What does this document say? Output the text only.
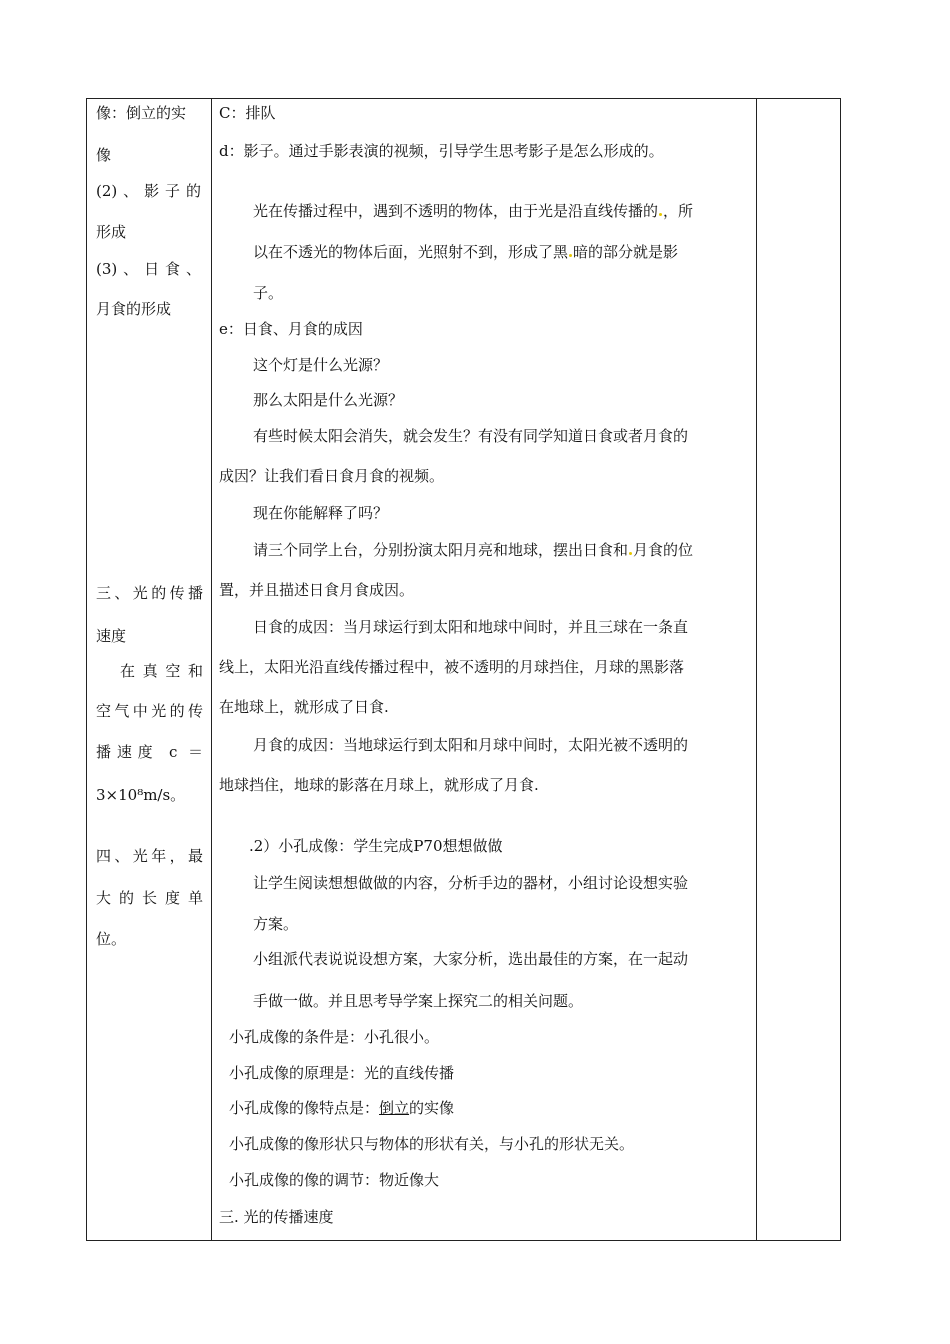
像：倒立的实
像
(2)、影子的
形成
(3)、日食、
月食的形成
三、光的传播
速度
在真空和
空气中光的传
播速度 c ＝
3×10⁸m/s。
四、光年，最
大的长度单
位。
C：排队
d：影子。通过手影表演的视频，引导学生思考影子是怎么形成的。
光在传播过程中，遇到不透明的物体，由于光是沿直线传播的 ，所
以在不透光的物体后面，光照射不到，形成了黑 暗的部分就是影
子。
e：日食、月食的成因
这个灯是什么光源？
那么太阳是什么光源？
有些时候太阳会消失，就会发生？有没有同学知道日食或者月食的
成因？让我们看日食月食的视频。
现在你能解释了吗？
请三个同学上台，分别扮演太阳月亮和地球，摆出日食和 月食的位
置，并且描述日食月食成因。
日食的成因：当月球运行到太阳和地球中间时，并且三球在一条直
线上，太阳光沿直线传播过程中，被不透明的月球挡住，月球的黑影落
在地球上，就形成了日食.
月食的成因：当地球运行到太阳和月球中间时，太阳光被不透明的
地球挡住，地球的影落在月球上，就形成了月食.
.2）小孔成像：学生完成P70想想做做
让学生阅读想想做做的内容，分析手边的器材，小组讨论设想实验
方案。
小组派代表说说设想方案，大家分析，选出最佳的方案，在一起动
手做一做。并且思考导学案上探究二的相关问题。
小孔成像的条件是：小孔很小。
小孔成像的原理是：光的直线传播
小孔成像的像特点是：倒立的实像
小孔成像的像形状只与物体的形状有关，与小孔的形状无关。
小孔成像的像的调节：物近像大
三. 光的传播速度
